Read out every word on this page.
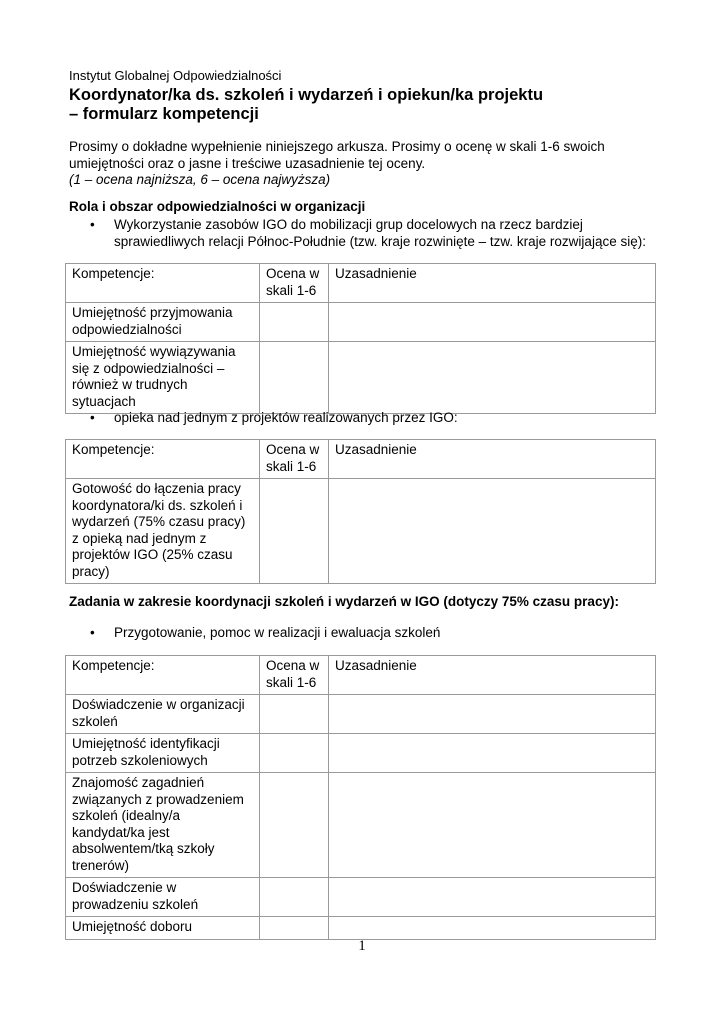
Instytut Globalnej Odpowiedzialności
Koordynator/ka ds. szkoleń i wydarzeń i opiekun/ka projektu
– formularz kompetencji
Prosimy o dokładne wypełnienie niniejszego arkusza. Prosimy o ocenę w skali 1-6 swoich umiejętności oraz o jasne i treściwe uzasadnienie tej oceny.
(1 – ocena najniższa, 6 – ocena najwyższa)
Rola i obszar odpowiedzialności w organizacji
•	Wykorzystanie zasobów IGO do mobilizacji grup docelowych na rzecz bardziej sprawiedliwych relacji Północ-Południe (tzw. kraje rozwinięte – tzw. kraje rozwijające się):
Kompetencje:	Ocena w skali 1-6	Uzasadnienie
Umiejętność przyjmowania odpowiedzialności		
Umiejętność wywiązywania się z odpowiedzialności – również w trudnych sytuacjach		
•	opieka nad jednym z projektów realizowanych przez IGO:
Kompetencje:	Ocena w skali 1-6	Uzasadnienie
Gotowość do łączenia pracy koordynatora/ki ds. szkoleń i wydarzeń (75% czasu pracy) z opieką nad jednym z projektów IGO (25% czasu pracy)		
Zadania w zakresie koordynacji szkoleń i wydarzeń w IGO (dotyczy 75% czasu pracy):
•	Przygotowanie, pomoc w realizacji i ewaluacja szkoleń
Kompetencje:	Ocena w skali 1-6	Uzasadnienie
Doświadczenie w organizacji szkoleń		
Umiejętność identyfikacji potrzeb szkoleniowych		
Znajomość zagadnień związanych z prowadzeniem szkoleń (idealny/a kandydat/ka jest absolwentem/tką szkoły trenerów)		
Doświadczenie w prowadzeniu szkoleń		
Umiejętność doboru		
1
